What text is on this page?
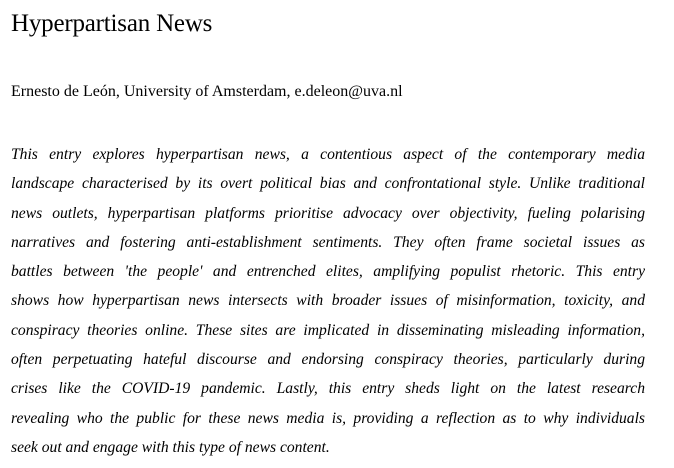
Hyperpartisan News

Ernesto de León, University of Amsterdam, e.deleon@uva.nl

This entry explores hyperpartisan news, a contentious aspect of the contemporary media
landscape characterised by its overt political bias and confrontational style. Unlike traditional
news outlets, hyperpartisan platforms prioritise advocacy over objectivity, fueling polarising
narratives and fostering anti-establishment sentiments. They often frame societal issues as
battles between 'the people' and entrenched elites, amplifying populist rhetoric. This entry
shows how hyperpartisan news intersects with broader issues of misinformation, toxicity, and
conspiracy theories online. These sites are implicated in disseminating misleading information,
often perpetuating hateful discourse and endorsing conspiracy theories, particularly during
crises like the COVID-19 pandemic. Lastly, this entry sheds light on the latest research
revealing who the public for these news media is, providing a reflection as to why individuals
seek out and engage with this type of news content.
